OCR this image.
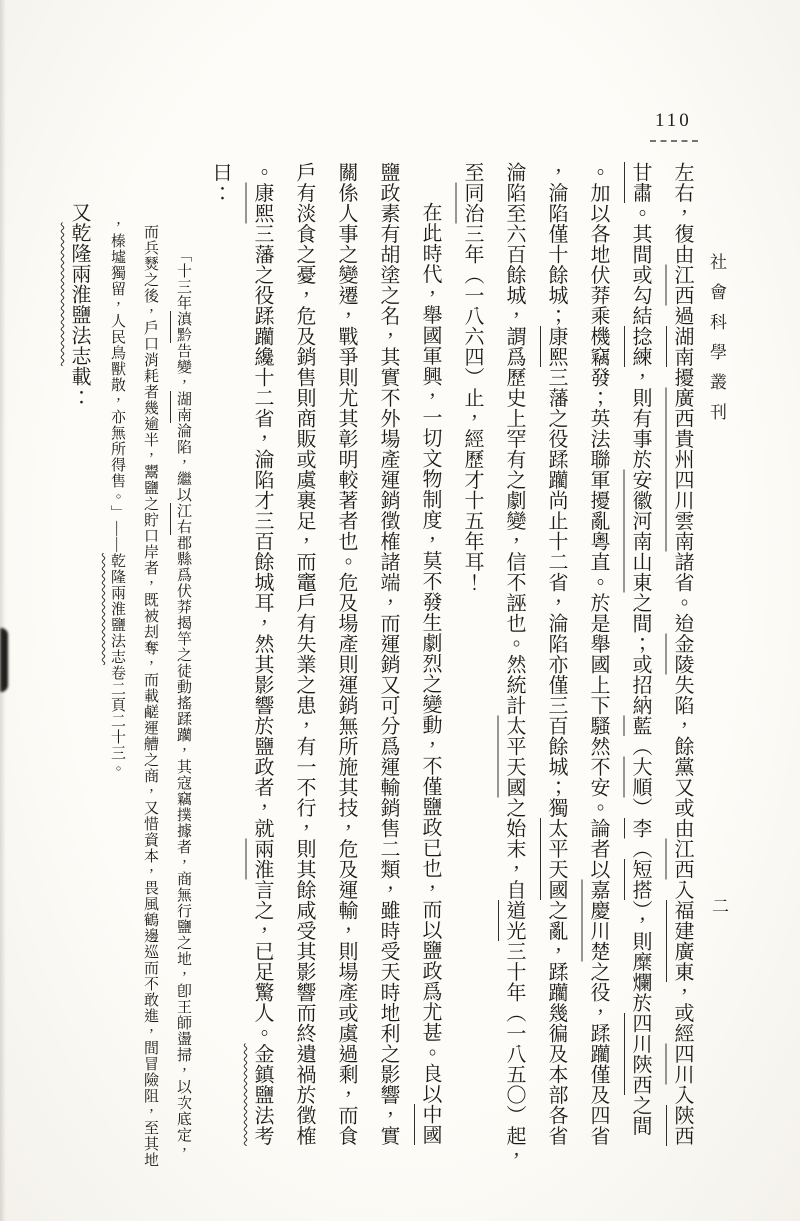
110
社會科學叢刊
二
左右，復由江西過湖南擾廣西貴州四川雲南諸省。迨金陵失陷，餘黨又或由江西入福建廣東，或經四川入陝西
甘肅。其間或勾結捻練，則有事於安徽河南山東之間；或招納藍（大順）李（短搭），則糜爛於四川陝西之間
。加以各地伏莽乘機竊發；英法聯軍擾亂粵直。於是舉國上下騷然不安。論者以嘉慶川楚之役，蹂躪僅及四省
，淪陷僅十餘城；康熙三藩之役蹂躪尚止十二省，淪陷亦僅三百餘城；獨太平天國之亂，蹂躪幾徧及本部各省
淪陷至六百餘城，謂爲歷史上罕有之劇變，信不誣也。然統計太平天國之始末，自道光三十年（一八五〇）起，
至同治三年（一八六四）止，經歷才十五年耳！
在此時代，舉國軍興，一切文物制度，莫不發生劇烈之變動，不僅鹽政已也，而以鹽政爲尤甚。良以中國
鹽政素有胡塗之名，其實不外場產運銷徵榷諸端，而運銷又可分爲運輸銷售二類，雖時受天時地利之影響，實
關係人事之變遷，戰爭則尤其彰明較著者也。危及場產則運銷無所施其技，危及運輸，則場產或虞過剩，而食
戶有淡食之憂，危及銷售則商販或虞裹足，而竈戶有失業之患，有一不行，則其餘咸受其影響而終遺禍於徵榷
。康熙三藩之役蹂躪纔十二省，淪陷才三百餘城耳，然其影響於鹽政者，就兩淮言之，已足驚人。金鎮鹽法考
曰：
「十三年滇黔告變，湖南淪陷，繼以江右郡縣爲伏莽揭竿之徒動搖蹂躪，其寇竊撲據者，商無行鹽之地，卽王師盪掃，以次底定，
而兵燹之後，戶口消耗者幾逾半，鬻鹽之貯口岸者，既被刦奪，而載鹺運艚之商，又惜資本，畏風鶴邊巡而不敢進，間冒險阻，至其地
，榛墟獨留，人民鳥獸散，亦無所得售。」——乾隆兩淮鹽法志卷二頁二十三。
又乾隆兩淮鹽法志載：
